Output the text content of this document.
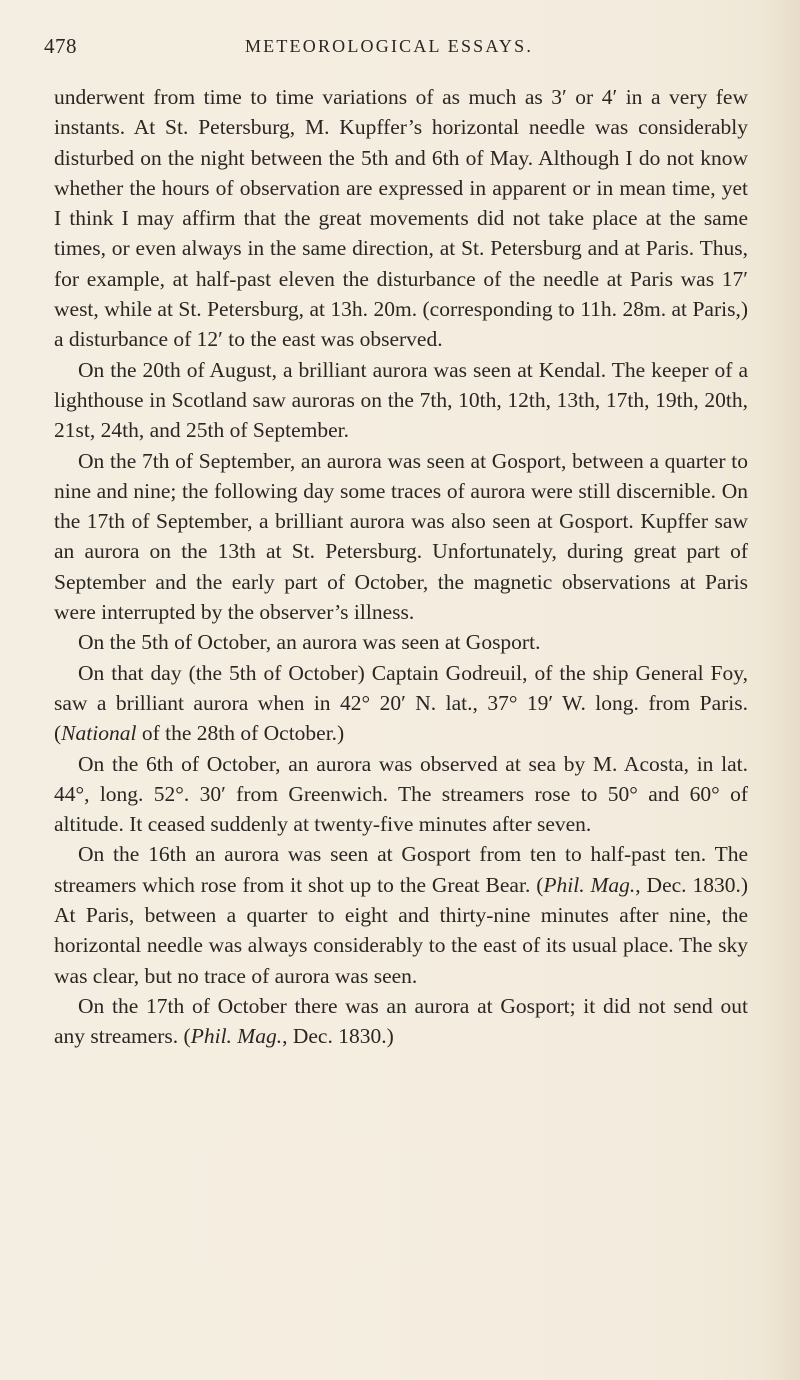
478	METEOROLOGICAL ESSAYS.

underwent from time to time variations of as much as 3′ or 4′ in a very few instants. At St. Petersburg, M. Kupffer’s horizontal needle was considerably disturbed on the night between the 5th and 6th of May. Although I do not know whether the hours of observation are expressed in apparent or in mean time, yet I think I may affirm that the great movements did not take place at the same times, or even always in the same direction, at St. Petersburg and at Paris. Thus, for example, at half-past eleven the disturbance of the needle at Paris was 17′ west, while at St. Petersburg, at 13h. 20m. (corresponding to 11h. 28m. at Paris,) a disturbance of 12′ to the east was observed.

On the 20th of August, a brilliant aurora was seen at Kendal. The keeper of a lighthouse in Scotland saw auroras on the 7th, 10th, 12th, 13th, 17th, 19th, 20th, 21st, 24th, and 25th of September.

On the 7th of September, an aurora was seen at Gosport, between a quarter to nine and nine; the following day some traces of aurora were still discernible. On the 17th of September, a brilliant aurora was also seen at Gosport. Kupffer saw an aurora on the 13th at St. Petersburg. Unfortunately, during great part of September and the early part of October, the magnetic observations at Paris were interrupted by the observer’s illness.

On the 5th of October, an aurora was seen at Gosport.

On that day (the 5th of October) Captain Godreuil, of the ship General Foy, saw a brilliant aurora when in 42° 20′ N. lat., 37° 19′ W. long. from Paris. (National of the 28th of October.)

On the 6th of October, an aurora was observed at sea by M. Acosta, in lat. 44°, long. 52°. 30′ from Greenwich. The streamers rose to 50° and 60° of altitude. It ceased suddenly at twenty-five minutes after seven.

On the 16th an aurora was seen at Gosport from ten to half-past ten. The streamers which rose from it shot up to the Great Bear. (Phil. Mag., Dec. 1830.) At Paris, between a quarter to eight and thirty-nine minutes after nine, the horizontal needle was always considerably to the east of its usual place. The sky was clear, but no trace of aurora was seen.

On the 17th of October there was an aurora at Gosport; it did not send out any streamers. (Phil. Mag., Dec. 1830.)
